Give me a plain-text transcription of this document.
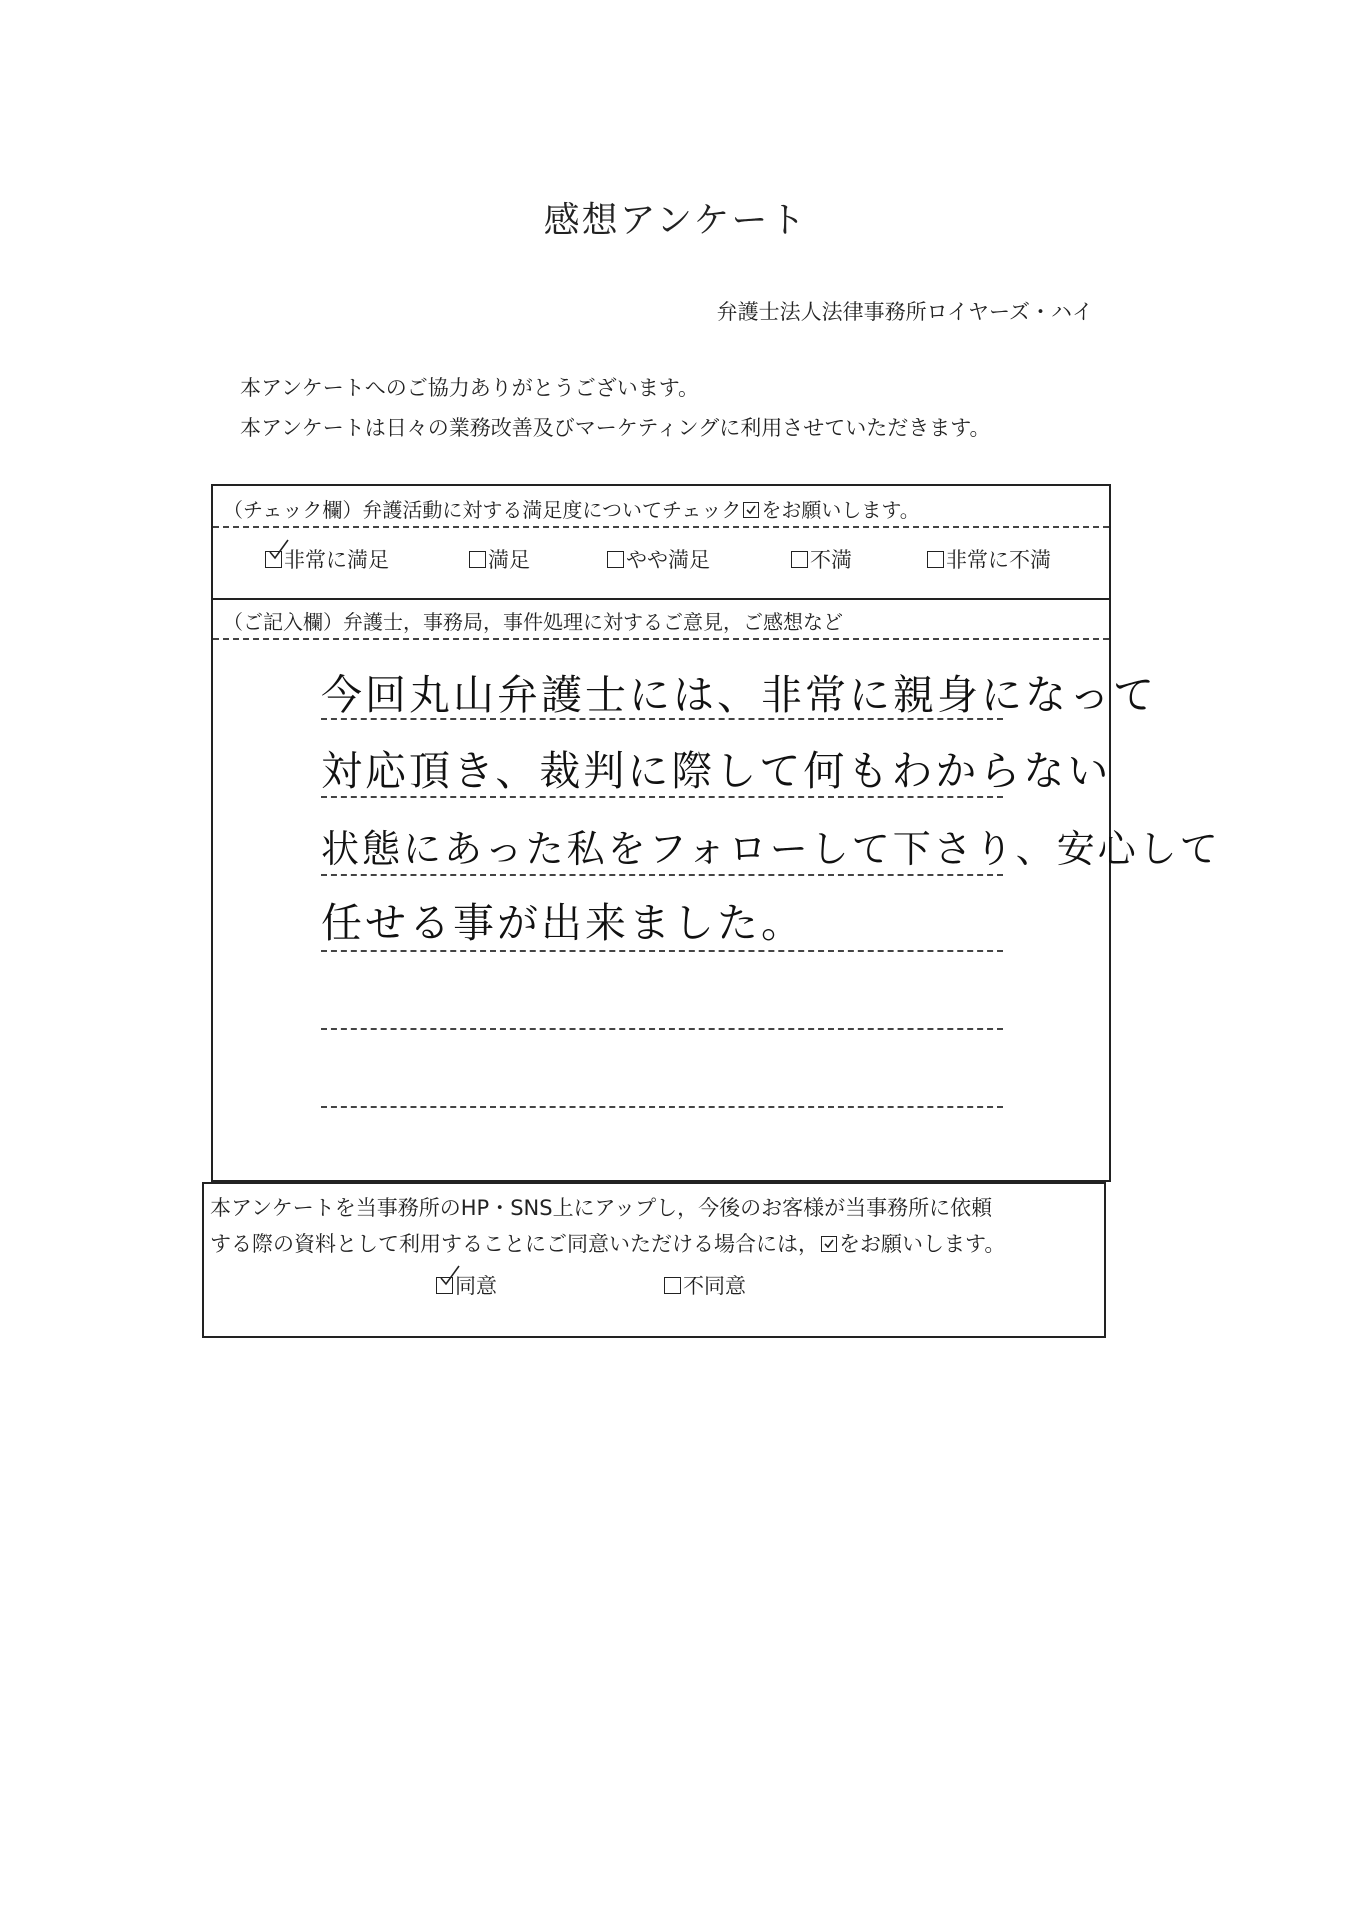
感想アンケート
弁護士法人法律事務所ロイヤーズ・ハイ
本アンケートへのご協力ありがとうございます。
本アンケートは日々の業務改善及びマーケティングに利用させていただきます。
（チェック欄）弁護活動に対する満足度についてチェック をお願いします。
非常に満足	満足	やや満足	不満	非常に不満
（ご記入欄）弁護士，事務局，事件処理に対するご意見，ご感想など
今回丸山弁護士には、非常に親身になって
対応頂き、裁判に際して何もわからない
状態にあった私をフォローして下さり、安心して
任せる事が出来ました。
本アンケートを当事務所のHP・SNS上にアップし，今後のお客様が当事務所に依頼
する際の資料として利用することにご同意いただける場合には， をお願いします。
同意	不同意
